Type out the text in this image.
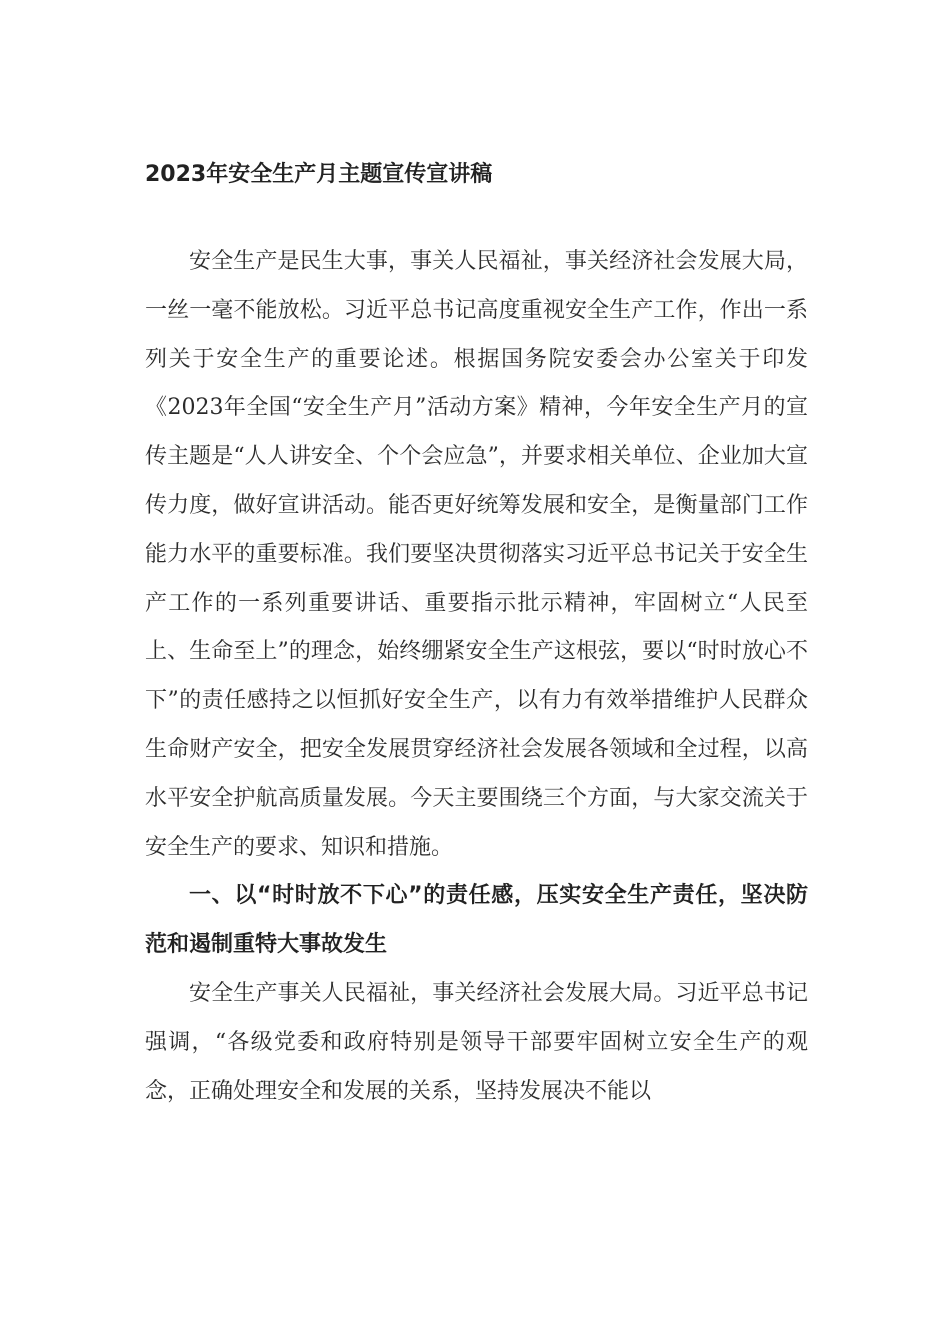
2023年安全生产月主题宣传宣讲稿

安全生产是民生大事，事关人民福祉，事关经济社会发展大局，一丝一毫不能放松。习近平总书记高度重视安全生产工作，作出一系列关于安全生产的重要论述。根据国务院安委会办公室关于印发《2023年全国“安全生产月”活动方案》精神，今年安全生产月的宣传主题是“人人讲安全、个个会应急”，并要求相关单位、企业加大宣传力度，做好宣讲活动。能否更好统筹发展和安全，是衡量部门工作能力水平的重要标准。我们要坚决贯彻落实习近平总书记关于安全生产工作的一系列重要讲话、重要指示批示精神，牢固树立“人民至上、生命至上”的理念，始终绷紧安全生产这根弦，要以“时时放心不下”的责任感持之以恒抓好安全生产，以有力有效举措维护人民群众生命财产安全，把安全发展贯穿经济社会发展各领域和全过程，以高水平安全护航高质量发展。今天主要围绕三个方面，与大家交流关于安全生产的要求、知识和措施。

一、以“时时放不下心”的责任感，压实安全生产责任，坚决防范和遏制重特大事故发生

安全生产事关人民福祉，事关经济社会发展大局。习近平总书记强调，“各级党委和政府特别是领导干部要牢固树立安全生产的观念，正确处理安全和发展的关系，坚持发展决不能以
